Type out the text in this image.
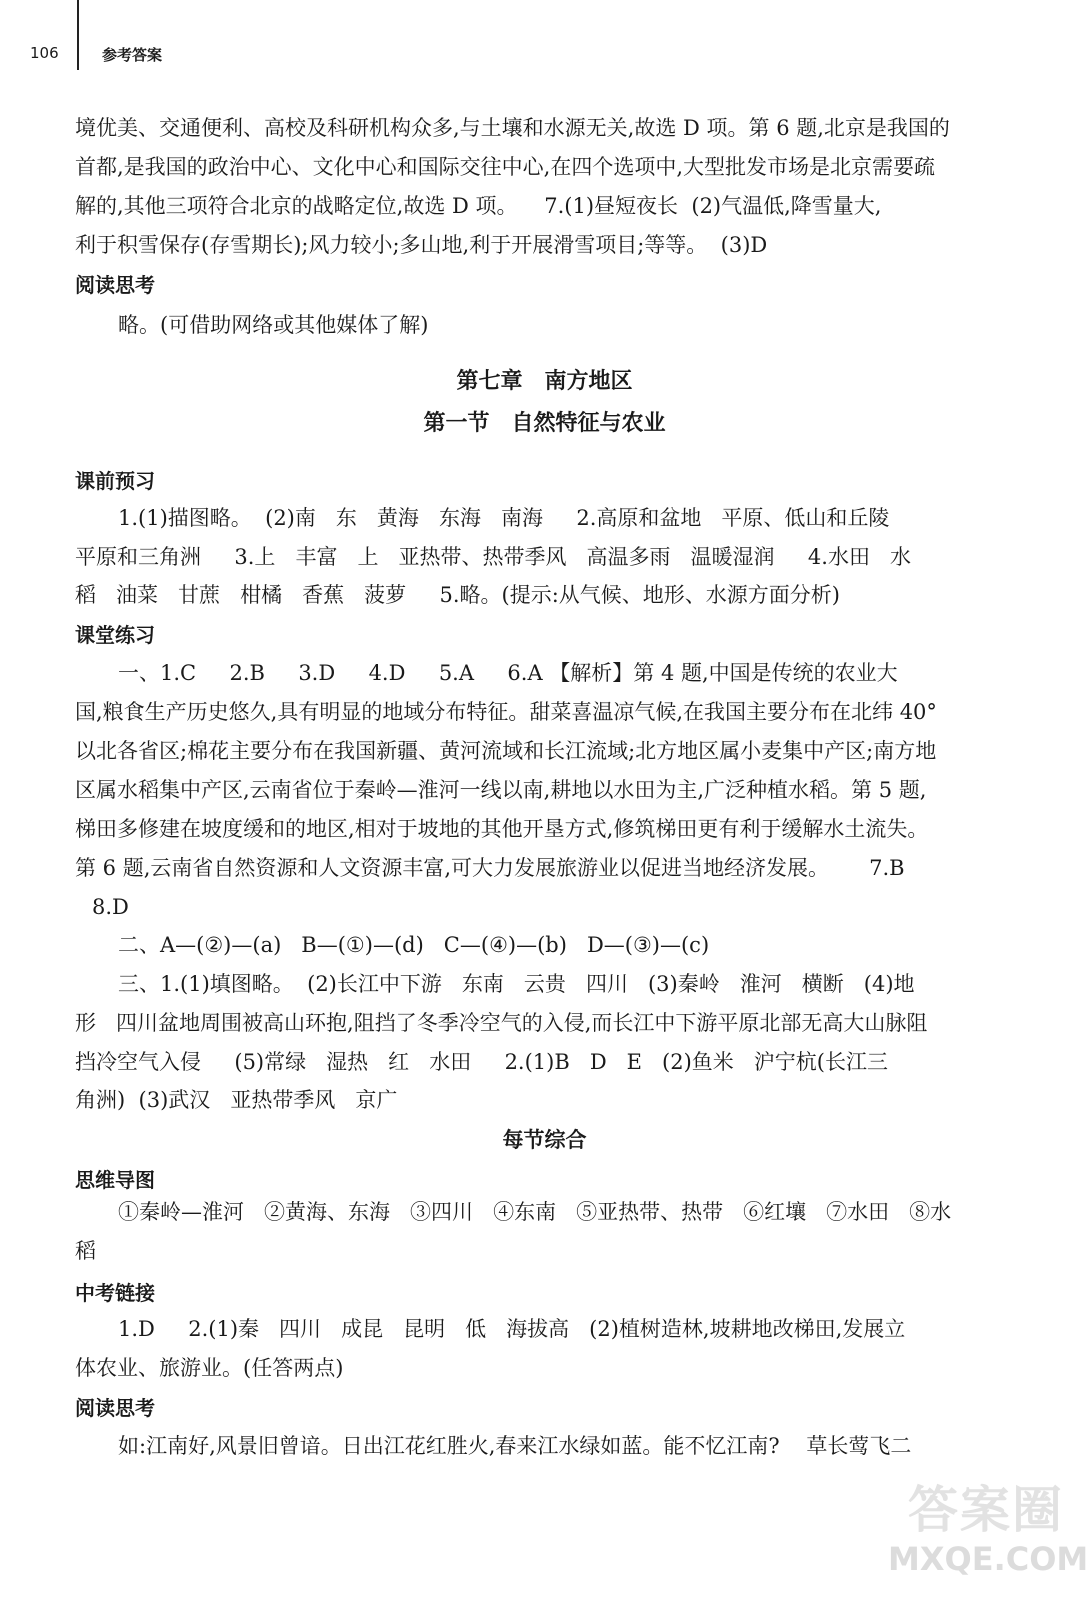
106	参考答案
境优美、交通便利、高校及科研机构众多,与土壤和水源无关,故选 D 项。第 6 题,北京是我国的
首都,是我国的政治中心、文化中心和国际交往中心,在四个选项中,大型批发市场是北京需要疏
解的,其他三项符合北京的战略定位,故选 D 项。    7.(1)昼短夜长  (2)气温低,降雪量大,
利于积雪保存(存雪期长);风力较小;多山地,利于开展滑雪项目;等等。  (3)D
阅读思考
略。(可借助网络或其他媒体了解)
第七章　南方地区
第一节　自然特征与农业
课前预习
1.(1)描图略。  (2)南   东   黄海   东海   南海     2.高原和盆地   平原、低山和丘陵
平原和三角洲     3.上   丰富   上   亚热带、热带季风   高温多雨   温暖湿润     4.水田   水
稻   油菜   甘蔗   柑橘   香蕉   菠萝     5.略。(提示:从气候、地形、水源方面分析)
课堂练习
一、1.C     2.B     3.D     4.D     5.A     6.A 【解析】第 4 题,中国是传统的农业大
国,粮食生产历史悠久,具有明显的地域分布特征。甜菜喜温凉气候,在我国主要分布在北纬 40°
以北各省区;棉花主要分布在我国新疆、黄河流域和长江流域;北方地区属小麦集中产区;南方地
区属水稻集中产区,云南省位于秦岭—淮河一线以南,耕地以水田为主,广泛种植水稻。第 5 题,
梯田多修建在坡度缓和的地区,相对于坡地的其他开垦方式,修筑梯田更有利于缓解水土流失。
第 6 题,云南省自然资源和人文资源丰富,可大力发展旅游业以促进当地经济发展。      7.B
8.D
二、A—(②)—(a)   B—(①)—(d)   C—(④)—(b)   D—(③)—(c)
三、1.(1)填图略。  (2)长江中下游   东南   云贵   四川   (3)秦岭   淮河   横断   (4)地
形   四川盆地周围被高山环抱,阻挡了冬季冷空气的入侵,而长江中下游平原北部无高大山脉阻
挡冷空气入侵     (5)常绿   湿热   红   水田     2.(1)B   D   E   (2)鱼米   沪宁杭(长江三
角洲)  (3)武汉   亚热带季风   京广
每节综合
思维导图
①秦岭—淮河   ②黄海、东海   ③四川   ④东南   ⑤亚热带、热带   ⑥红壤   ⑦水田   ⑧水
稻
中考链接
1.D     2.(1)秦   四川   成昆   昆明   低   海拔高   (2)植树造林,坡耕地改梯田,发展立
体农业、旅游业。(任答两点)
阅读思考
如:江南好,风景旧曾谙。日出江花红胜火,春来江水绿如蓝。能不忆江南?    草长莺飞二
答案圈
MXQE.COM
